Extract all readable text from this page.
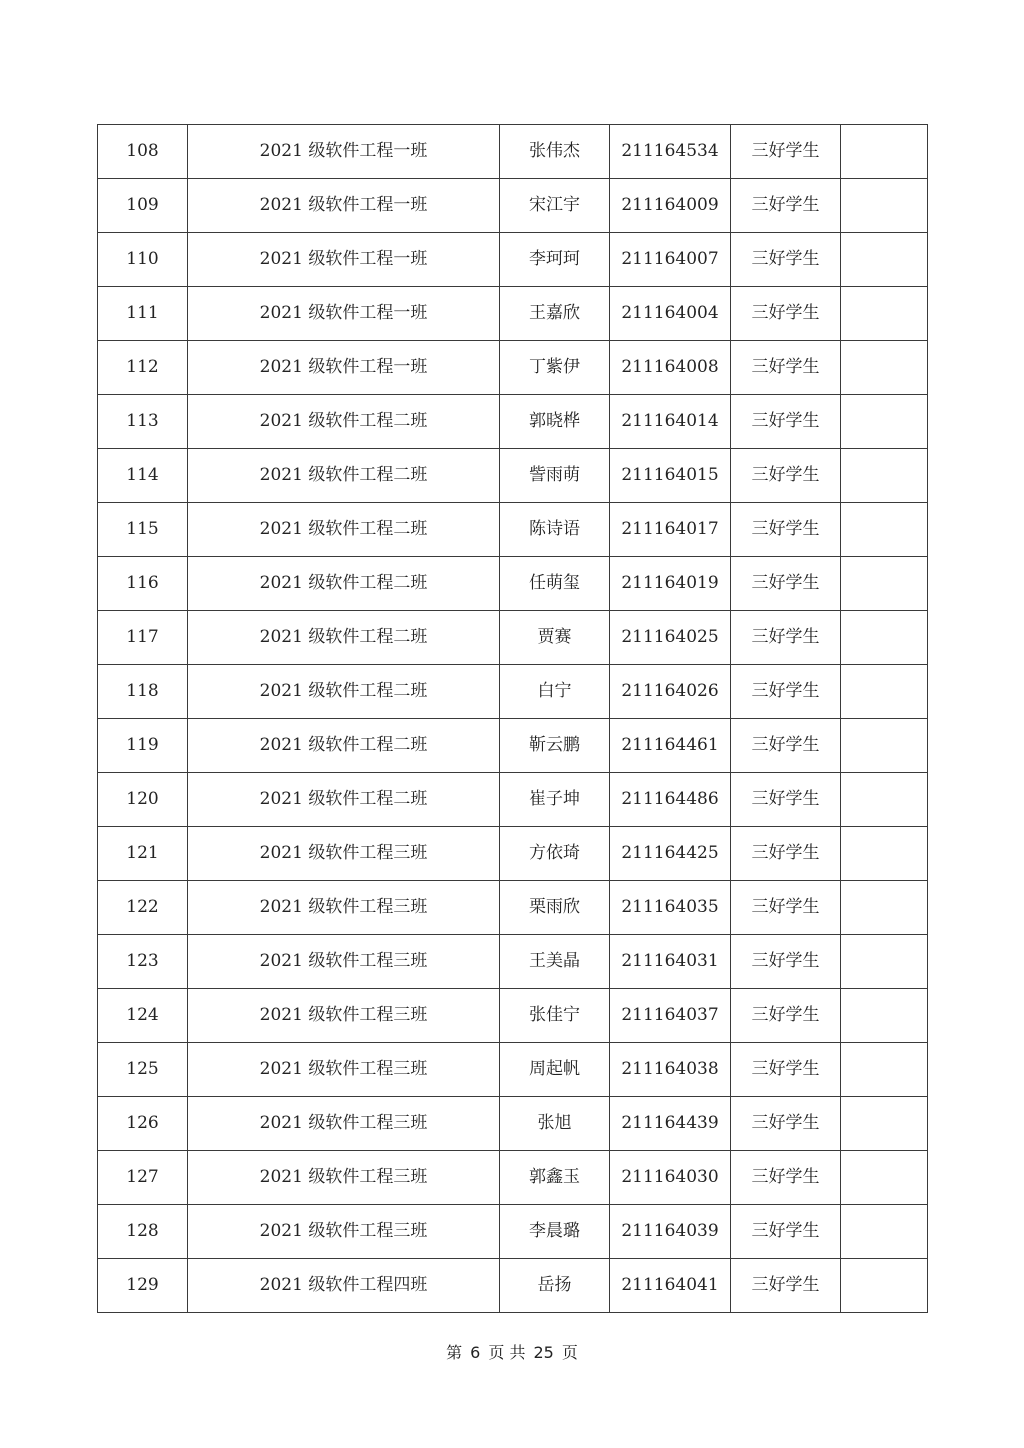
108	2021 级软件工程一班	张伟杰	211164534	三好学生	
109	2021 级软件工程一班	宋江宇	211164009	三好学生	
110	2021 级软件工程一班	李珂珂	211164007	三好学生	
111	2021 级软件工程一班	王嘉欣	211164004	三好学生	
112	2021 级软件工程一班	丁紫伊	211164008	三好学生	
113	2021 级软件工程二班	郭晓桦	211164014	三好学生	
114	2021 级软件工程二班	訾雨萌	211164015	三好学生	
115	2021 级软件工程二班	陈诗语	211164017	三好学生	
116	2021 级软件工程二班	任萌玺	211164019	三好学生	
117	2021 级软件工程二班	贾赛	211164025	三好学生	
118	2021 级软件工程二班	白宁	211164026	三好学生	
119	2021 级软件工程二班	靳云鹏	211164461	三好学生	
120	2021 级软件工程二班	崔子坤	211164486	三好学生	
121	2021 级软件工程三班	方依琦	211164425	三好学生	
122	2021 级软件工程三班	栗雨欣	211164035	三好学生	
123	2021 级软件工程三班	王美晶	211164031	三好学生	
124	2021 级软件工程三班	张佳宁	211164037	三好学生	
125	2021 级软件工程三班	周起帆	211164038	三好学生	
126	2021 级软件工程三班	张旭	211164439	三好学生	
127	2021 级软件工程三班	郭鑫玉	211164030	三好学生	
128	2021 级软件工程三班	李晨璐	211164039	三好学生	
129	2021 级软件工程四班	岳扬	211164041	三好学生	
第 6 页 共 25 页
